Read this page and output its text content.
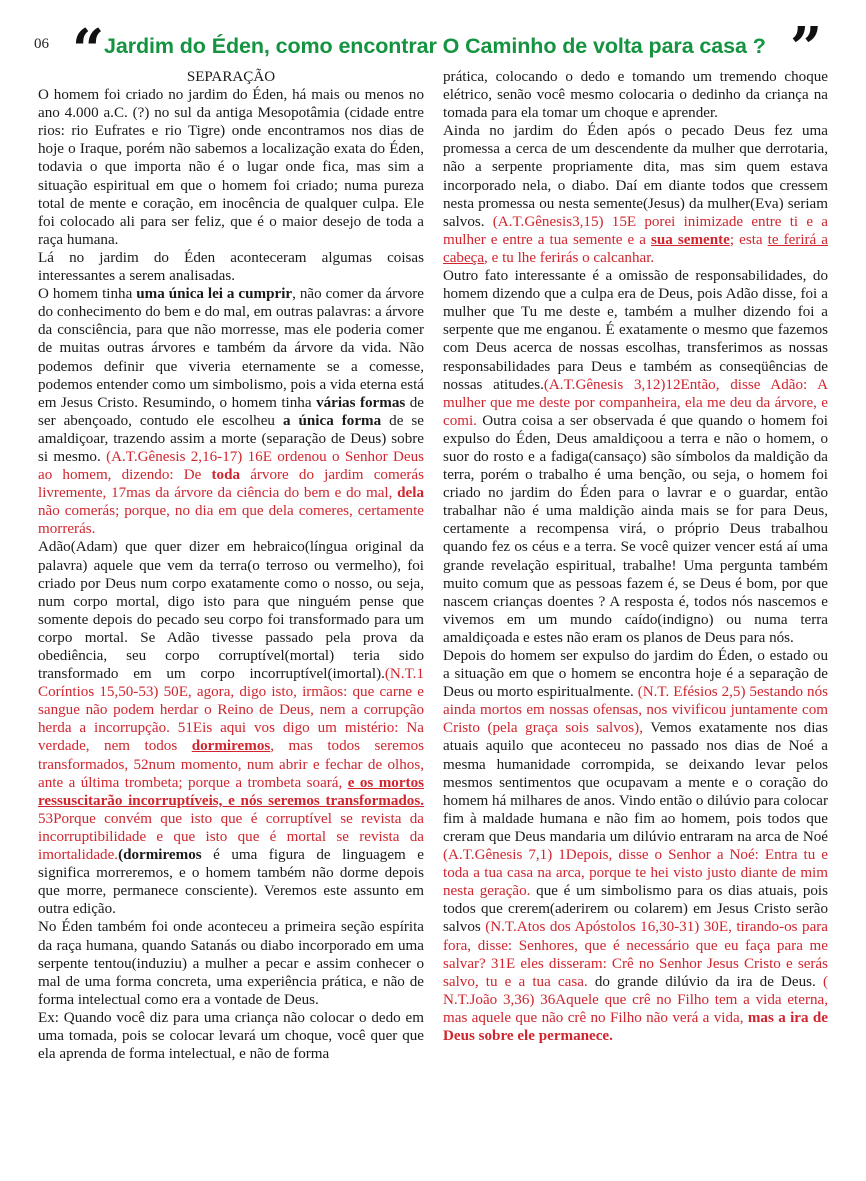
06 “ Jardim do Éden, como encontrar O Caminho de volta para casa ? ”

SEPARAÇÃO

O homem foi criado no jardim do Éden, há mais ou menos no ano 4.000 a.C. (?) no sul da antiga Mesopotâmia (cidade entre rios: rio Eufrates e rio Tigre) onde encontramos nos dias de hoje o Iraque, porém não sabemos a localização exata do Éden, todavia o que importa não é o lugar onde fica, mas sim a situação espiritual em que o homem foi criado; numa pureza total de mente e coração, em inocência de qualquer culpa. Ele foi colocado ali para ser feliz, que é o maior desejo de toda a raça humana.

Lá no jardim do Éden aconteceram algumas coisas interessantes a serem analisadas.

O homem tinha uma única lei a cumprir, não comer da árvore do conhecimento do bem e do mal, em outras palavras: a árvore da consciência, para que não morresse, mas ele poderia comer de muitas outras árvores e também da árvore da vida. Não podemos definir que viveria eternamente se a comesse, podemos entender como um simbolismo, pois a vida eterna está em Jesus Cristo. Resumindo, o homem tinha várias formas de ser abençoado, contudo ele escolheu a única forma de se amaldiçoar, trazendo assim a morte (separação de Deus) sobre si mesmo. (A.T.Gênesis 2,16-17) 16E ordenou o Senhor Deus ao homem, dizendo: De toda árvore do jardim comerás livremente, 17mas da árvore da ciência do bem e do mal, dela não comerás; porque, no dia em que dela comeres, certamente morrerás.

Adão(Adam) que quer dizer em hebraico(língua original da palavra) aquele que vem da terra(o terroso ou vermelho), foi criado por Deus num corpo exatamente como o nosso, ou seja, num corpo mortal, digo isto para que ninguém pense que somente depois do pecado seu corpo foi transformado para um corpo mortal. Se Adão tivesse passado pela prova da obediência, seu corpo corruptível(mortal) teria sido transformado em um corpo incorruptível(imortal).(N.T.1 Coríntios 15,50-53) 50E, agora, digo isto, irmãos: que carne e sangue não podem herdar o Reino de Deus, nem a corrupção herda a incorrupção. 51Eis aqui vos digo um mistério: Na verdade, nem todos dormiremos, mas todos seremos transformados, 52num momento, num abrir e fechar de olhos, ante a última trombeta; porque a trombeta soará, e os mortos ressuscitarão incorruptíveis, e nós seremos transformados. 53Porque convém que isto que é corruptível se revista da incorruptibilidade e que isto que é mortal se revista da imortalidade.(dormiremos é uma figura de linguagem e significa morreremos, e o homem também não dorme depois que morre, permanece consciente). Veremos este assunto em outra edição.

No Éden também foi onde aconteceu a primeira seção espírita da raça humana, quando Satanás ou diabo incorporado em uma serpente tentou(induziu) a mulher a pecar e assim conhecer o mal de uma forma concreta, uma experiência prática, e não de forma intelectual como era a vontade de Deus.

Ex: Quando você diz para uma criança não colocar o dedo em uma tomada, pois se colocar levará um choque, você quer que ela aprenda de forma intelectual, e não de forma

prática, colocando o dedo e tomando um tremendo choque elétrico, senão você mesmo colocaria o dedinho da criança na tomada para ela tomar um choque e aprender.

Ainda no jardim do Éden após o pecado Deus fez uma promessa a cerca de um descendente da mulher que derrotaria, não a serpente propriamente dita, mas sim quem estava incorporado nela, o diabo. Daí em diante todos que cressem nesta promessa ou nesta semente(Jesus) da mulher(Eva) seriam salvos. (A.T.Gênesis3,15) 15E porei inimizade entre ti e a mulher e entre a tua semente e a sua semente; esta te ferirá a cabeça, e tu lhe ferirás o calcanhar.

Outro fato interessante é a omissão de responsabilidades, do homem dizendo que a culpa era de Deus, pois Adão disse, foi a mulher que Tu me deste e, também a mulher dizendo foi a serpente que me enganou. É exatamente o mesmo que fazemos com Deus acerca de nossas escolhas, transferimos as nossas responsabilidades para Deus e também as conseqüências de nossas atitudes.(A.T.Gênesis 3,12)12Então, disse Adão: A mulher que me deste por companheira, ela me deu da árvore, e comi. Outra coisa a ser observada é que quando o homem foi expulso do Éden, Deus amaldiçoou a terra e não o homem, o suor do rosto e a fadiga(cansaço) são símbolos da maldição da terra, porém o trabalho é uma benção, ou seja, o homem foi criado no jardim do Éden para o lavrar e o guardar, então trabalhar não é uma maldição ainda mais se for para Deus, certamente a recompensa virá, o próprio Deus trabalhou quando fez os céus e a terra. Se você quizer vencer está aí uma grande revelação espiritual, trabalhe! Uma pergunta também muito comum que as pessoas fazem é, se Deus é bom, por que nascem crianças doentes ? A resposta é, todos nós nascemos e vivemos em um mundo caído(indigno) ou numa terra amaldiçoada e estes não eram os planos de Deus para nós.

Depois do homem ser expulso do jardim do Éden, o estado ou a situação em que o homem se encontra hoje é a separação de Deus ou morto espiritualmente. (N.T. Efésios 2,5) 5estando nós ainda mortos em nossas ofensas, nos vivificou juntamente com Cristo (pela graça sois salvos), Vemos exatamente nos dias atuais aquilo que aconteceu no passado nos dias de Noé a mesma humanidade corrompida, se deixando levar pelos mesmos sentimentos que ocupavam a mente e o coração do homem há milhares de anos. Vindo então o dilúvio para colocar fim à maldade humana e não fim ao homem, pois todos que creram que Deus mandaria um dilúvio entraram na arca de Noé (A.T.Gênesis 7,1) 1Depois, disse o Senhor a Noé: Entra tu e toda a tua casa na arca, porque te hei visto justo diante de mim nesta geração. que é um simbolismo para os dias atuais, pois todos que crerem(aderirem ou colarem) em Jesus Cristo serão salvos (N.T.Atos dos Apóstolos 16,30-31) 30E, tirando-os para fora, disse: Senhores, que é necessário que eu faça para me salvar? 31E eles disseram: Crê no Senhor Jesus Cristo e serás salvo, tu e a tua casa. do grande dilúvio da ira de Deus. ( N.T.João 3,36) 36Aquele que crê no Filho tem a vida eterna, mas aquele que não crê no Filho não verá a vida, mas a ira de Deus sobre ele permanece.
